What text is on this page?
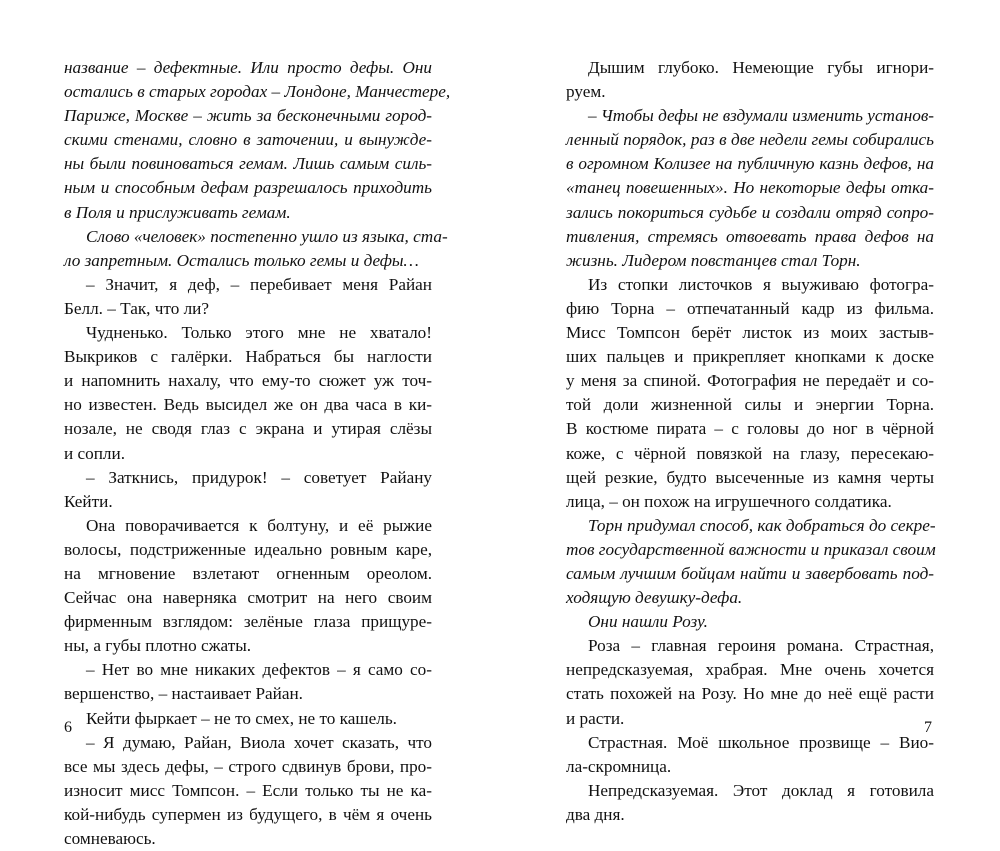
название – дефектные. Или просто дефы. Они
остались в старых городах – Лондоне, Манчестере,
Париже, Москве – жить за бесконечными город-
скими стенами, словно в заточении, и вынужде-
ны были повиноваться гемам. Лишь самым силь-
ным и способным дефам разрешалось приходить
в Поля и прислуживать гемам.
Слово «человек» постепенно ушло из языка, ста-
ло запретным. Остались только гемы и дефы…
– Значит, я деф, – перебивает меня Райан
Белл. – Так, что ли?
Чудненько. Только этого мне не хватало!
Выкриков с галёрки. Набраться бы наглости
и напомнить нахалу, что ему-то сюжет уж точ-
но известен. Ведь высидел же он два часа в ки-
нозале, не сводя глаз с экрана и утирая слёзы
и сопли.
– Заткнись, придурок! – советует Райану
Кейти.
Она поворачивается к болтуну, и её рыжие
волосы, подстриженные идеально ровным каре,
на мгновение взлетают огненным ореолом.
Сейчас она наверняка смотрит на него своим
фирменным взглядом: зелёные глаза прищуре-
ны, а губы плотно сжаты.
– Нет во мне никаких дефектов – я само со-
вершенство, – настаивает Райан.
Кейти фыркает – не то смех, не то кашель.
– Я думаю, Райан, Виола хочет сказать, что
все мы здесь дефы, – строго сдвинув брови, про-
износит мисс Томпсон. – Если только ты не ка-
кой-нибудь супермен из будущего, в чём я очень
сомневаюсь.
Дышим глубоко. Немеющие губы игнори-
руем.
– Чтобы дефы не вздумали изменить установ-
ленный порядок, раз в две недели гемы собирались
в огромном Колизее на публичную казнь дефов, на
«танец повешенных». Но некоторые дефы отка-
зались покориться судьбе и создали отряд сопро-
тивления, стремясь отвоевать права дефов на
жизнь. Лидером повстанцев стал Торн.
Из стопки листочков я выуживаю фотогра-
фию Торна – отпечатанный кадр из фильма.
Мисс Томпсон берёт листок из моих застыв-
ших пальцев и прикрепляет кнопками к доске
у меня за спиной. Фотография не передаёт и со-
той доли жизненной силы и энергии Торна.
В костюме пирата – с головы до ног в чёрной
коже, с чёрной повязкой на глазу, пересекаю-
щей резкие, будто высеченные из камня черты
лица, – он похож на игрушечного солдатика.
Торн придумал способ, как добраться до секре-
тов государственной важности и приказал своим
самым лучшим бойцам найти и завербовать под-
ходящую девушку-дефа.
Они нашли Розу.
Роза – главная героиня романа. Страстная,
непредсказуемая, храбрая. Мне очень хочется
стать похожей на Розу. Но мне до неё ещё расти
и расти.
Страстная. Моё школьное прозвище – Вио-
ла-скромница.
Непредсказуемая. Этот доклад я готовила
два дня.
6	7
